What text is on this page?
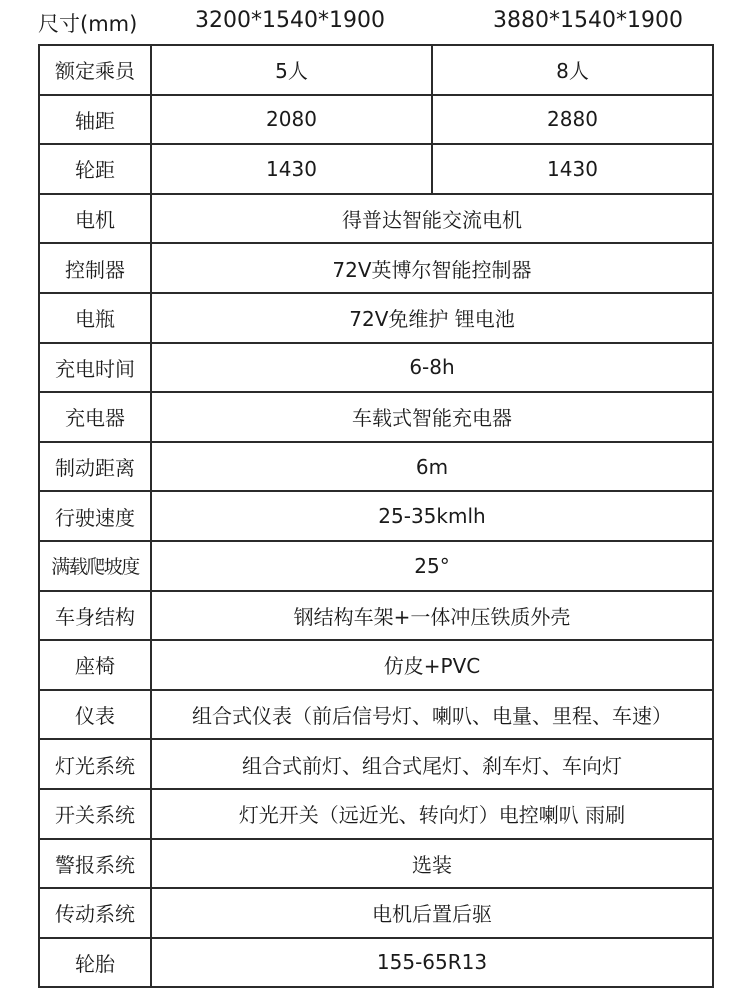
尺寸(mm)	3200*1540*1900	3880*1540*1900
额定乘员	5人	8人
轴距	2080	2880
轮距	1430	1430
电机	得普达智能交流电机	
控制器	72V英博尔智能控制器	
电瓶	72V免维护 锂电池	
充电时间	6-8h	
充电器	车载式智能充电器	
制动距离	6m	
行驶速度	25-35kmlh	
满载爬坡度	25°	
车身结构	钢结构车架+一体冲压铁质外壳	
座椅	仿皮+PVC	
仪表	组合式仪表（前后信号灯、喇叭、电量、里程、车速）	
灯光系统	组合式前灯、组合式尾灯、刹车灯、车向灯	
开关系统	灯光开关（远近光、转向灯）电控喇叭 雨刷	
警报系统	选装	
传动系统	电机后置后驱	
轮胎	155-65R13	
